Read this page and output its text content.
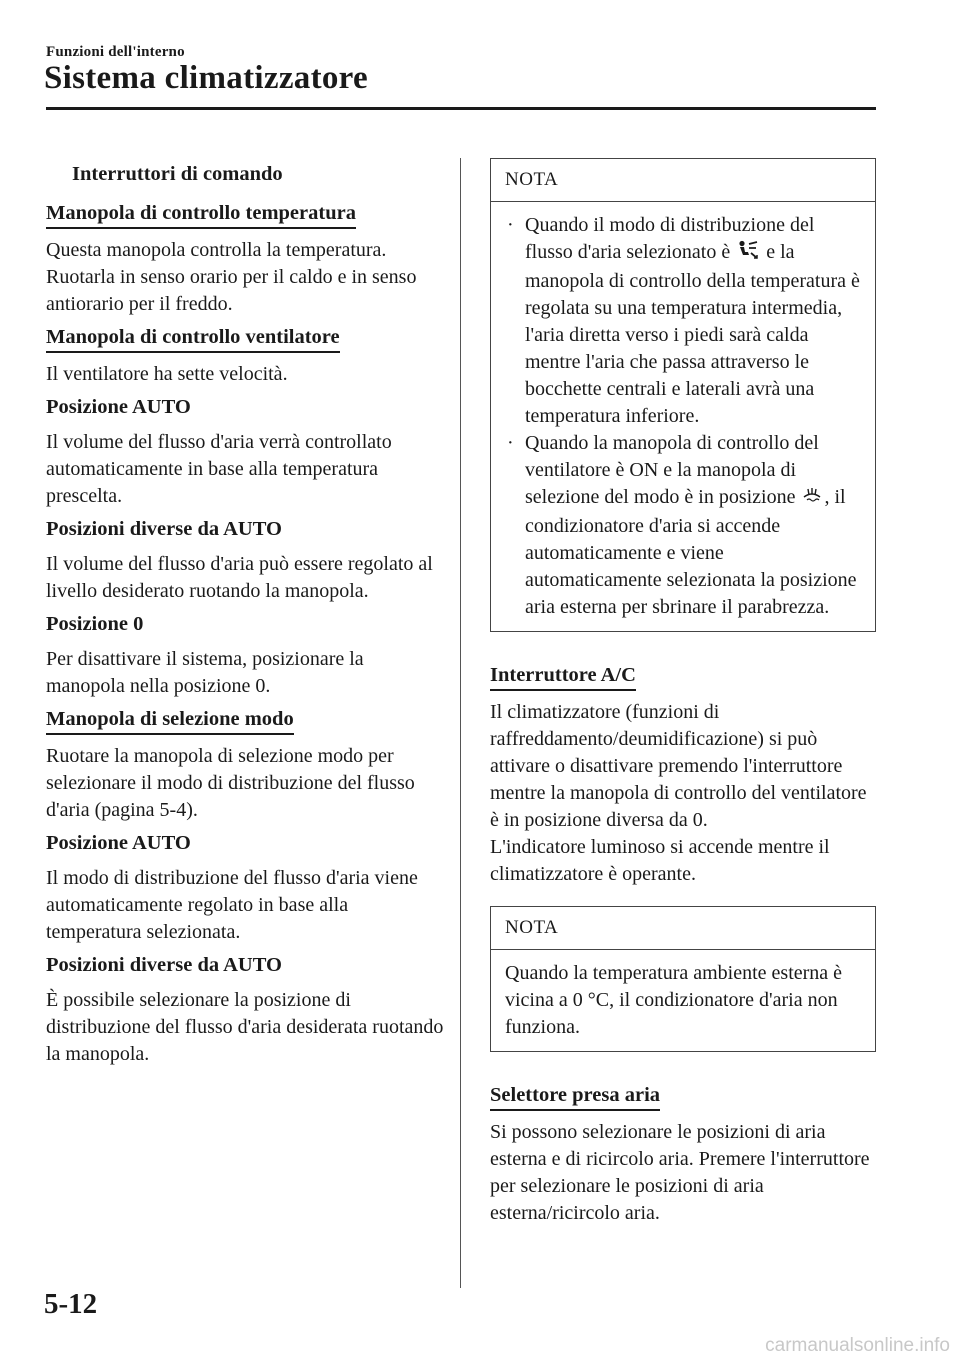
Funzioni dell'interno
Sistema climatizzatore
Interruttori di comando
Manopola di controllo temperatura

Questa manopola controlla la temperatura. Ruotarla in senso orario per il caldo e in senso antiorario per il freddo.

Manopola di controllo ventilatore

Il ventilatore ha sette velocità.

Posizione AUTO

Il volume del flusso d'aria verrà controllato automaticamente in base alla temperatura prescelta.

Posizioni diverse da AUTO

Il volume del flusso d'aria può essere regolato al livello desiderato ruotando la manopola.

Posizione 0

Per disattivare il sistema, posizionare la manopola nella posizione 0.

Manopola di selezione modo

Ruotare la manopola di selezione modo per selezionare il modo di distribuzione del flusso d'aria (pagina 5-4).

Posizione AUTO

Il modo di distribuzione del flusso d'aria viene automaticamente regolato in base alla temperatura selezionata.

Posizioni diverse da AUTO

È possibile selezionare la posizione di distribuzione del flusso d'aria desiderata ruotando la manopola.

NOTA
· Quando il modo di distribuzione del flusso d'aria selezionato è e la manopola di controllo della temperatura è regolata su una temperatura intermedia, l'aria diretta verso i piedi sarà calda mentre l'aria che passa attraverso le bocchette centrali e laterali avrà una temperatura inferiore.
· Quando la manopola di controllo del ventilatore è ON e la manopola di selezione del modo è in posizione , il condizionatore d'aria si accende automaticamente e viene automaticamente selezionata la posizione aria esterna per sbrinare il parabrezza.
Interruttore A/C

Il climatizzatore (funzioni di raffreddamento/deumidificazione) si può attivare o disattivare premendo l'interruttore mentre la manopola di controllo del ventilatore è in posizione diversa da 0.

L'indicatore luminoso si accende mentre il climatizzatore è operante.

NOTA
Quando la temperatura ambiente esterna è vicina a 0 °C, il condizionatore d'aria non funziona.
Selettore presa aria

Si possono selezionare le posizioni di aria esterna e di ricircolo aria. Premere l'interruttore per selezionare le posizioni di aria esterna/ricircolo aria.

5-12
carmanualsonline.info
